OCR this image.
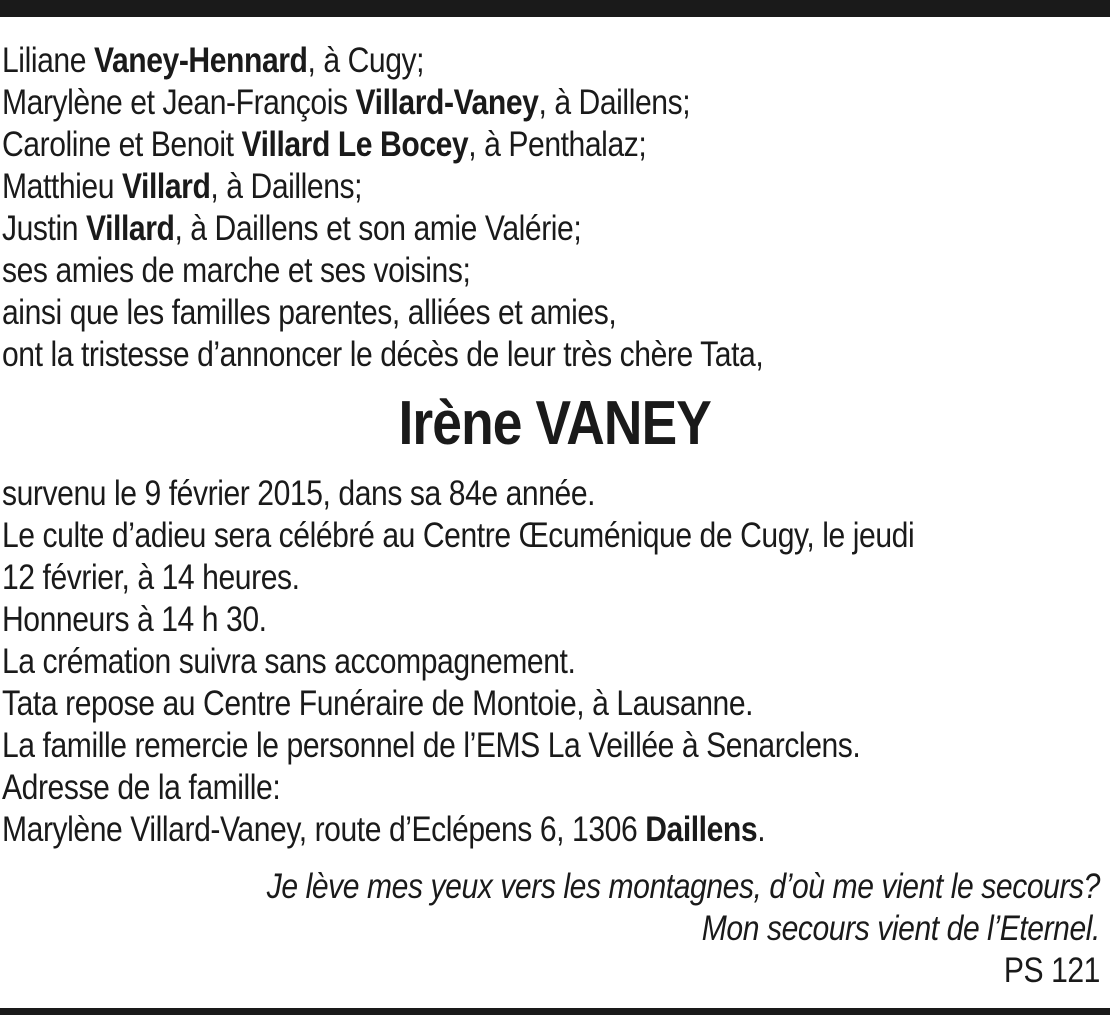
Liliane Vaney-Hennard, à Cugy;
Marylène et Jean-François Villard-Vaney, à Daillens;
Caroline et Benoit Villard Le Bocey, à Penthalaz;
Matthieu Villard, à Daillens;
Justin Villard, à Daillens et son amie Valérie;
ses amies de marche et ses voisins;
ainsi que les familles parentes, alliées et amies,
ont la tristesse d’annoncer le décès de leur très chère Tata,
Irène VANEY
survenu le 9 février 2015, dans sa 84e année.
Le culte d’adieu sera célébré au Centre Œcuménique de Cugy, le jeudi
12 février, à 14 heures.
Honneurs à 14 h 30.
La crémation suivra sans accompagnement.
Tata repose au Centre Funéraire de Montoie, à Lausanne.
La famille remercie le personnel de l’EMS La Veillée à Senarclens.
Adresse de la famille:
Marylène Villard-Vaney, route d’Eclépens 6, 1306 Daillens.
Je lève mes yeux vers les montagnes, d’où me vient le secours?
Mon secours vient de l’Eternel.
PS 121
